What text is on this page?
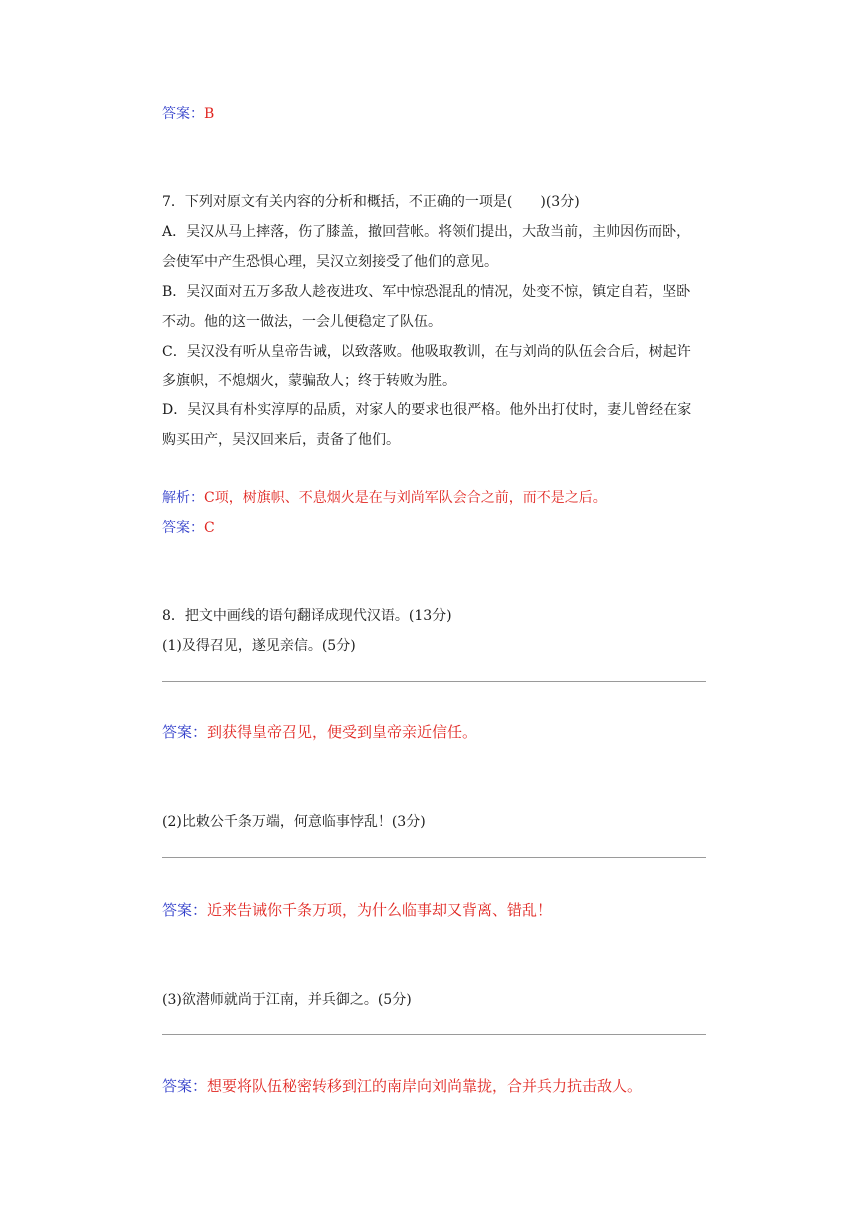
答案：B
7．下列对原文有关内容的分析和概括，不正确的一项是(　　)(3分)
A．吴汉从马上摔落，伤了膝盖，撤回营帐。将领们提出，大敌当前，主帅因伤而卧，
会使军中产生恐惧心理，吴汉立刻接受了他们的意见。
B．吴汉面对五万多敌人趁夜进攻、军中惊恐混乱的情况，处变不惊，镇定自若，坚卧
不动。他的这一做法，一会儿便稳定了队伍。
C．吴汉没有听从皇帝告诫，以致落败。他吸取教训，在与刘尚的队伍会合后，树起许
多旗帜，不熄烟火，蒙骗敌人；终于转败为胜。
D．吴汉具有朴实淳厚的品质，对家人的要求也很严格。他外出打仗时，妻儿曾经在家
购买田产，吴汉回来后，责备了他们。
解析：C项，树旗帜、不息烟火是在与刘尚军队会合之前，而不是之后。
答案：C
8．把文中画线的语句翻译成现代汉语。(13分)
(1)及得召见，遂见亲信。(5分)
答案：到获得皇帝召见，便受到皇帝亲近信任。
(2)比敕公千条万端，何意临事悖乱！(3分)
答案：近来告诫你千条万项，为什么临事却又背离、错乱！
(3)欲潜师就尚于江南，并兵御之。(5分)
答案：想要将队伍秘密转移到江的南岸向刘尚靠拢，合并兵力抗击敌人。
